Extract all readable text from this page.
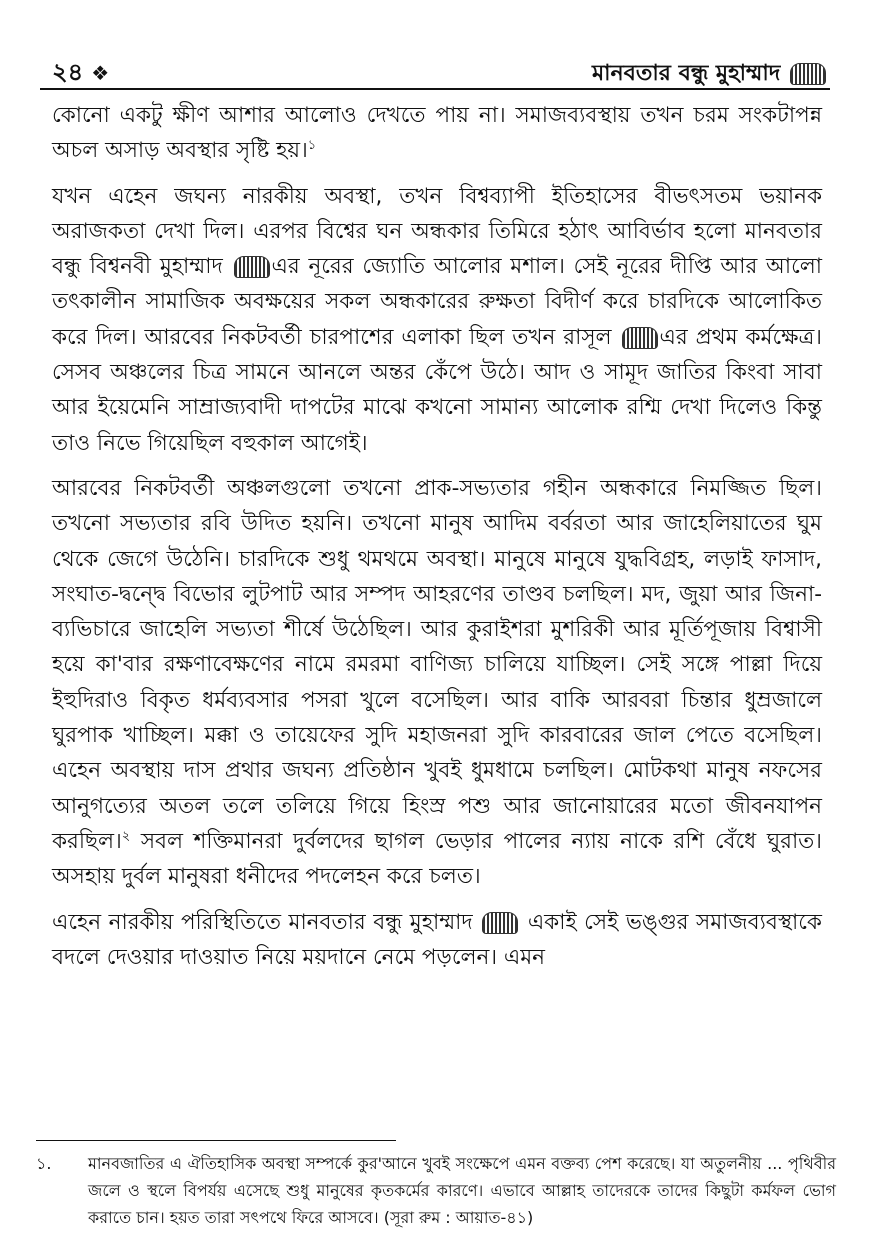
২৪ ❖	মানবতার বন্ধু মুহাম্মাদ

কোনো একটু ক্ষীণ আশার আলোও দেখতে পায় না। সমাজব্যবস্থায় তখন চরম সংকটাপন্ন অচল অসাড় অবস্থার সৃষ্টি হয়।$^১$

যখন এহেন জঘন্য নারকীয় অবস্থা, তখন বিশ্বব্যাপী ইতিহাসের বীভৎসতম ভয়ানক অরাজকতা দেখা দিল। এরপর বিশ্বের ঘন অন্ধকার তিমিরে হঠাৎ আবির্ভাব হলো মানবতার বন্ধু বিশ্বনবী মুহাম্মাদ এর নূরের জ্যোতি আলোর মশাল। সেই নূরের দীপ্তি আর আলো তৎকালীন সামাজিক অবক্ষয়ের সকল অন্ধকারের রুক্ষতা বিদীর্ণ করে চারদিকে আলোকিত করে দিল। আরবের নিকটবর্তী চারপাশের এলাকা ছিল তখন রাসূল এর প্রথম কর্মক্ষেত্র। সেসব অঞ্চলের চিত্র সামনে আনলে অন্তর কেঁপে উঠে। আদ ও সামূদ জাতির কিংবা সাবা আর ইয়েমেনি সাম্রাজ্যবাদী দাপটের মাঝে কখনো সামান্য আলোক রশ্মি দেখা দিলেও কিন্তু তাও নিভে গিয়েছিল বহুকাল আগেই।

আরবের নিকটবর্তী অঞ্চলগুলো তখনো প্রাক-সভ্যতার গহীন অন্ধকারে নিমজ্জিত ছিল। তখনো সভ্যতার রবি উদিত হয়নি। তখনো মানুষ আদিম বর্বরতা আর জাহেলিয়াতের ঘুম থেকে জেগে উঠেনি। চারদিকে শুধু থমথমে অবস্থা। মানুষে মানুষে যুদ্ধবিগ্রহ, লড়াই ফাসাদ, সংঘাত-দ্বন্দ্বে বিভোর লুটপাট আর সম্পদ আহরণের তাণ্ডব চলছিল। মদ, জুয়া আর জিনা-ব্যভিচারে জাহেলি সভ্যতা শীর্ষে উঠেছিল। আর কুরাইশরা মুশরিকী আর মূর্তিপূজায় বিশ্বাসী হয়ে কা'বার রক্ষণাবেক্ষণের নামে রমরমা বাণিজ্য চালিয়ে যাচ্ছিল। সেই সঙ্গে পাল্লা দিয়ে ইহুদিরাও বিকৃত ধর্মব্যবসার পসরা খুলে বসেছিল। আর বাকি আরবরা চিন্তার ধুম্রজালে ঘুরপাক খাচ্ছিল। মক্কা ও তায়েফের সুদি মহাজনরা সুদি কারবারের জাল পেতে বসেছিল। এহেন অবস্থায় দাস প্রথার জঘন্য প্রতিষ্ঠান খুবই ধুমধামে চলছিল। মোটকথা মানুষ নফসের আনুগত্যের অতল তলে তলিয়ে গিয়ে হিংস্র পশু আর জানোয়ারের মতো জীবনযাপন করছিল।$^২$ সবল শক্তিমানরা দুর্বলদের ছাগল ভেড়ার পালের ন্যায় নাকে রশি বেঁধে ঘুরাত। অসহায় দুর্বল মানুষরা ধনীদের পদলেহন করে চলত।

এহেন নারকীয় পরিস্থিতিতে মানবতার বন্ধু মুহাম্মাদ	একাই সেই ভঙ্গুর সমাজব্যবস্থাকে বদলে দেওয়ার দাওয়াত নিয়ে ময়দানে নেমে পড়লেন। এমন

১.	মানবজাতির এ ঐতিহাসিক অবস্থা সম্পর্কে কুর'আনে খুবই সংক্ষেপে এমন বক্তব্য পেশ করেছে। যা অতুলনীয় ... পৃথিবীর জলে ও স্থলে বিপর্যয় এসেছে শুধু মানুষের কৃতকর্মের কারণে। এভাবে আল্লাহ তাদেরকে তাদের কিছুটা কর্মফল ভোগ করাতে চান। হয়ত তারা সৎপথে ফিরে আসবে। (সূরা রুম : আয়াত-৪১)
